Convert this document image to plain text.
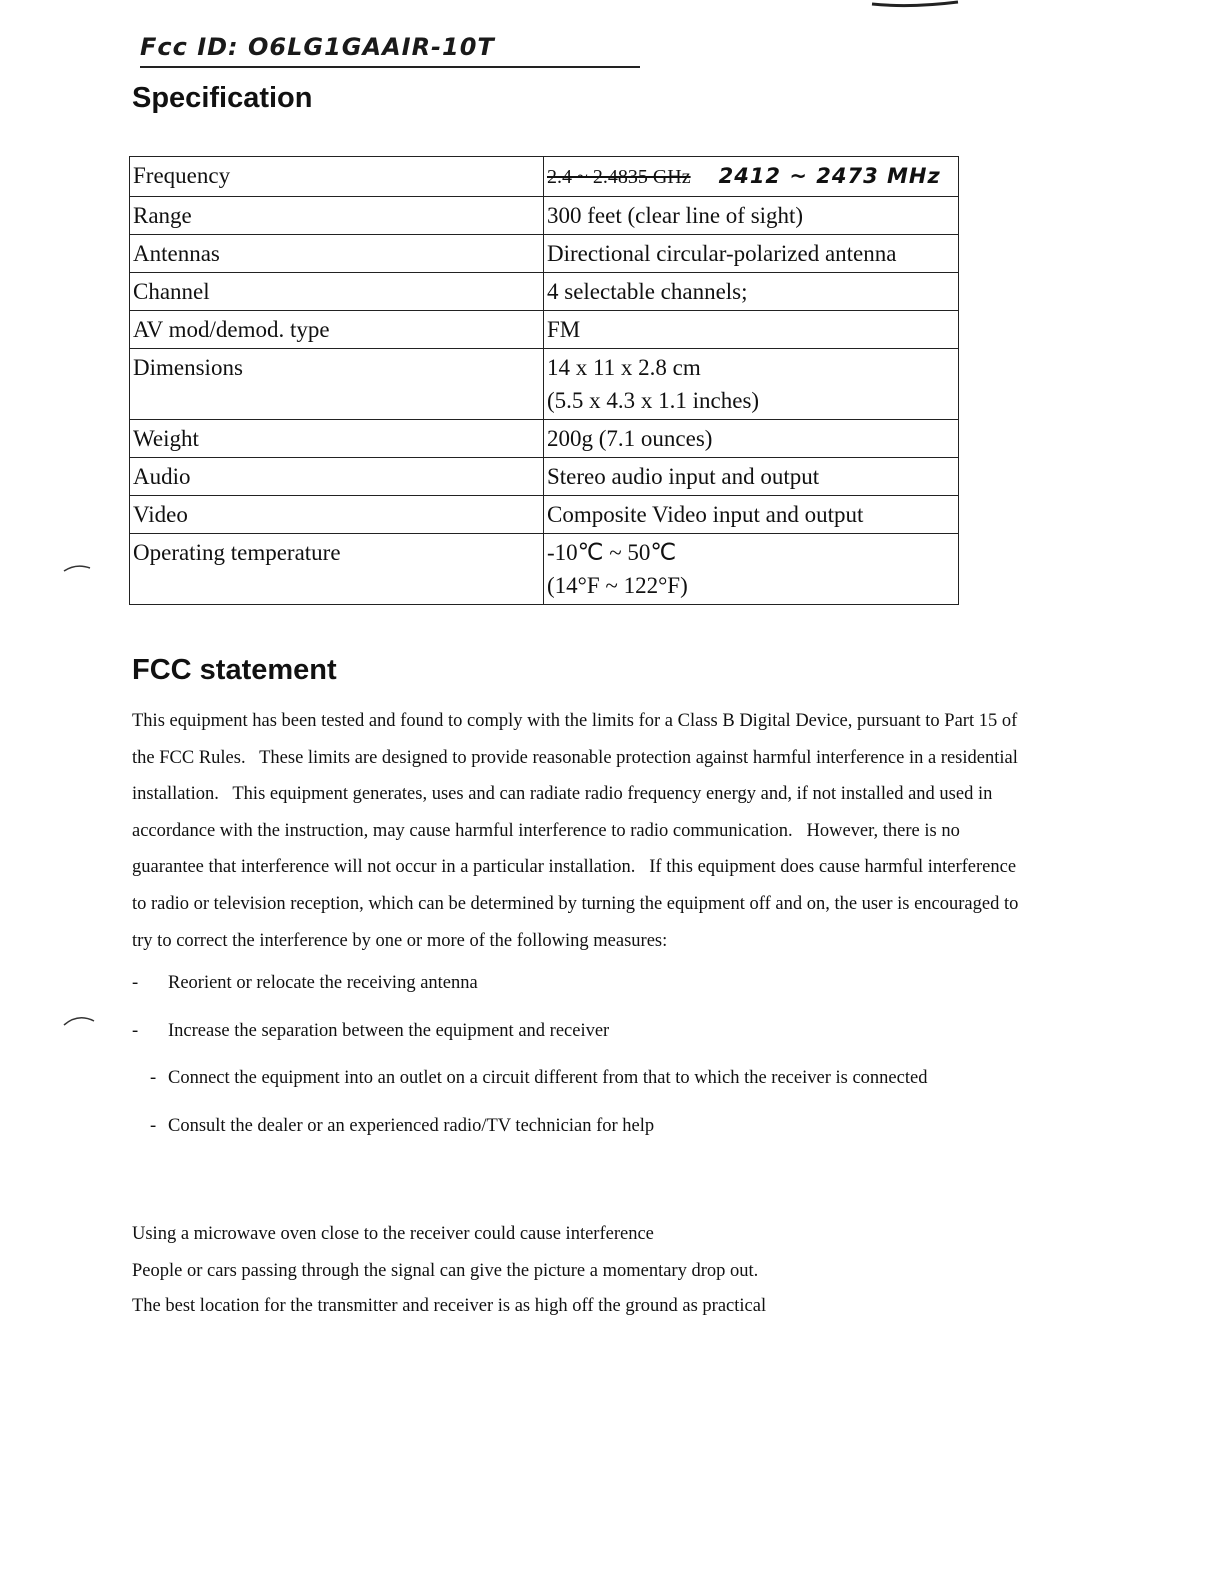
Fcc ID: O6LG1GAAIR-10T
Specification
Frequency	2.4 ~ 2.4835 GHz 2412 ~ 2473 MHz
Range	300 feet (clear line of sight)
Antennas	Directional circular-polarized antenna
Channel	4 selectable channels;
AV mod/demod. type	FM
Dimensions	14 x 11 x 2.8 cm
(5.5 x 4.3 x 1.1 inches)

Weight	200g (7.1 ounces)
Audio	Stereo audio input and output
Video	Composite Video input and output
Operating temperature	-10℃ ~ 50℃
(14°F ~ 122°F)
FCC statement

This equipment has been tested and found to comply with the limits for a Class B Digital Device, pursuant to Part 15 of

the FCC Rules.   These limits are designed to provide reasonable protection against harmful interference in a residential

installation.   This equipment generates, uses and can radiate radio frequency energy and, if not installed and used in

accordance with the instruction, may cause harmful interference to radio communication.   However, there is no

guarantee that interference will not occur in a particular installation.   If this equipment does cause harmful interference

to radio or television reception, which can be determined by turning the equipment off and on, the user is encouraged to

try to correct the interference by one or more of the following measures:

- Reorient or relocate the receiving antenna
- Increase the separation between the equipment and receiver
- Connect the equipment into an outlet on a circuit different from that to which the receiver is connected
- Consult the dealer or an experienced radio/TV technician for help
Using a microwave oven close to the receiver could cause interference
People or cars passing through the signal can give the picture a momentary drop out.
The best location for the transmitter and receiver is as high off the ground as practical
